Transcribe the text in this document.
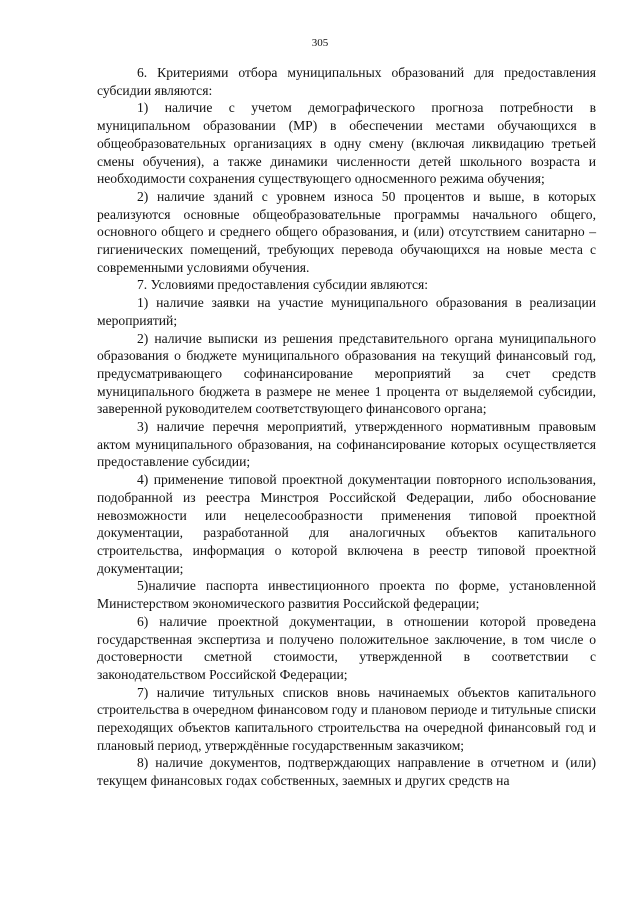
305

6. Критериями отбора муниципальных образований для предоставления субсидии являются:

1) наличие с учетом демографического прогноза потребности в муниципальном образовании (МР) в обеспечении местами обучающихся в общеобразовательных организациях в одну смену (включая ликвидацию третьей смены обучения), а также динамики численности детей школьного возраста и необходимости сохранения существующего односменного режима обучения;

2) наличие зданий с уровнем износа 50 процентов и выше, в которых реализуются основные общеобразовательные программы начального общего, основного общего и среднего общего образования, и (или) отсутствием санитарно – гигиенических помещений, требующих перевода обучающихся на новые места с современными условиями обучения.

7. Условиями предоставления субсидии являются:

1) наличие заявки на участие муниципального образования в реализации мероприятий;

2) наличие выписки из решения представительного органа муниципального образования о бюджете муниципального образования на текущий финансовый год, предусматривающего софинансирование мероприятий за счет средств муниципального бюджета в размере не менее 1 процента от выделяемой субсидии, заверенной руководителем соответствующего финансового органа;

3) наличие перечня мероприятий, утвержденного нормативным правовым актом муниципального образования, на софинансирование которых осуществляется предоставление субсидии;

4) применение типовой проектной документации повторного использования, подобранной из реестра Минстроя Российской Федерации, либо обоснование невозможности или нецелесообразности применения типовой проектной документации, разработанной для аналогичных объектов капитального строительства, информация о которой включена в реестр типовой проектной документации;

5)наличие паспорта инвестиционного проекта по форме, установленной Министерством экономического развития Российской федерации;

6) наличие проектной документации, в отношении которой проведена государственная экспертиза и получено положительное заключение, в том числе о достоверности сметной стоимости, утвержденной в соответствии с законодательством Российской Федерации;

7) наличие титульных списков вновь начинаемых объектов капитального строительства в очередном финансовом году и плановом периоде и титульные списки переходящих объектов капитального строительства на очередной финансовый год и плановый период, утверждённые государственным заказчиком;

8) наличие документов, подтверждающих направление в отчетном и (или) текущем финансовых годах собственных, заемных и других средств на
